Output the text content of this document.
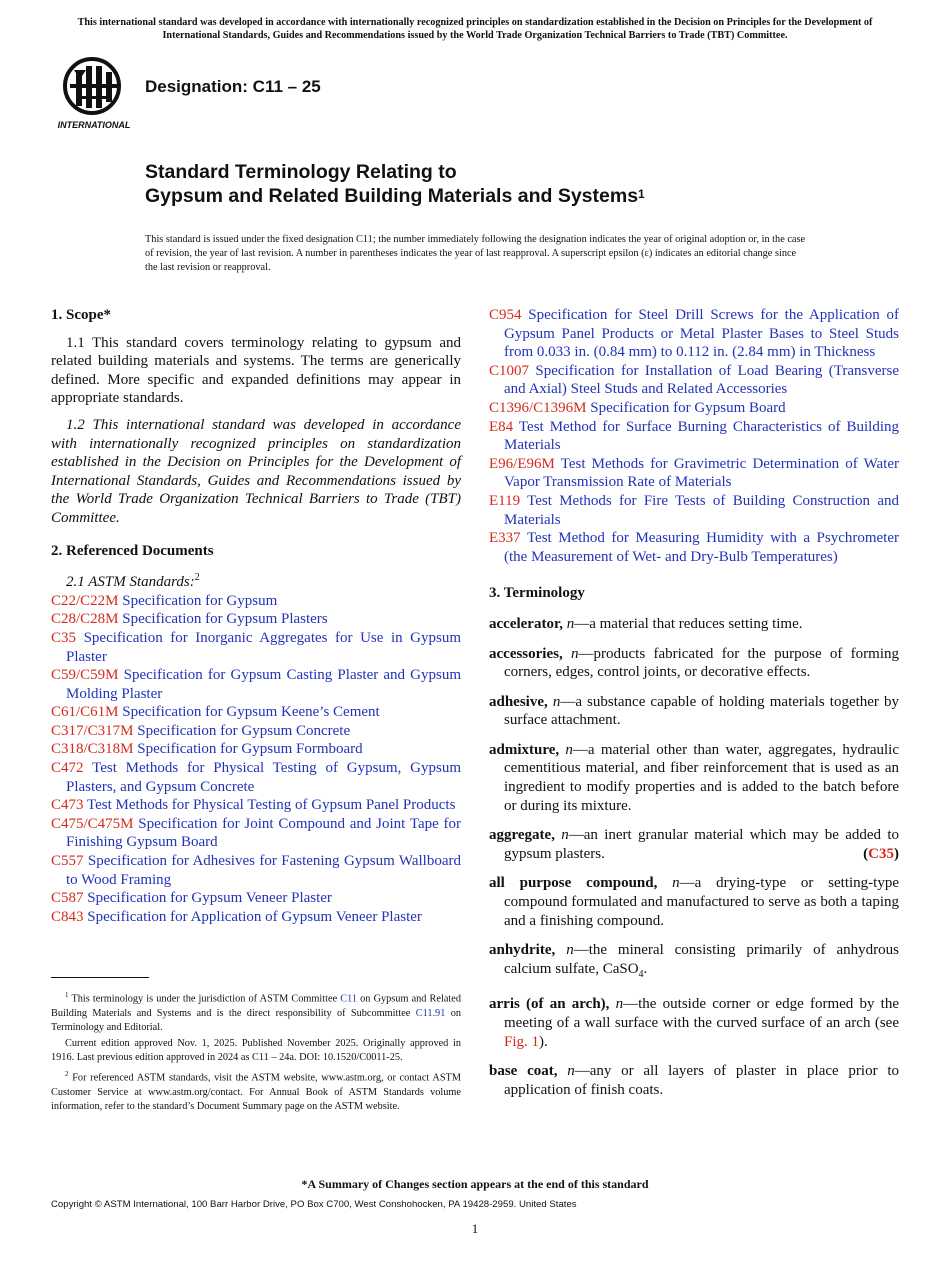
This international standard was developed in accordance with internationally recognized principles on standardization established in the Decision on Principles for the Development of International Standards, Guides and Recommendations issued by the World Trade Organization Technical Barriers to Trade (TBT) Committee.
INTERNATIONAL
Designation: C11 – 25
Standard Terminology Relating to
Gypsum and Related Building Materials and Systems$^1$
This standard is issued under the fixed designation C11; the number immediately following the designation indicates the year of original adoption or, in the case of revision, the year of last revision. A number in parentheses indicates the year of last reapproval. A superscript epsilon (ε) indicates an editorial change since the last revision or reapproval.
1. Scope*

1.1 This standard covers terminology relating to gypsum and related building materials and systems. The terms are generically defined. More specific and expanded definitions may appear in appropriate standards.

1.2 This international standard was developed in accordance with internationally recognized principles on standardization established in the Decision on Principles for the Development of International Standards, Guides and Recommendations issued by the World Trade Organization Technical Barriers to Trade (TBT) Committee.

2. Referenced Documents
2.1 ASTM Standards:$^2$
C22/C22M Specification for Gypsum
C28/C28M Specification for Gypsum Plasters
C35 Specification for Inorganic Aggregates for Use in Gypsum Plaster
C59/C59M Specification for Gypsum Casting Plaster and Gypsum Molding Plaster
C61/C61M Specification for Gypsum Keene’s Cement
C317/C317M Specification for Gypsum Concrete
C318/C318M Specification for Gypsum Formboard
C472 Test Methods for Physical Testing of Gypsum, Gypsum Plasters, and Gypsum Concrete
C473 Test Methods for Physical Testing of Gypsum Panel Products
C475/C475M Specification for Joint Compound and Joint Tape for Finishing Gypsum Board
C557 Specification for Adhesives for Fastening Gypsum Wallboard to Wood Framing
C587 Specification for Gypsum Veneer Plaster
C843 Specification for Application of Gypsum Veneer Plaster
C954 Specification for Steel Drill Screws for the Application of Gypsum Panel Products or Metal Plaster Bases to Steel Studs from 0.033 in. (0.84 mm) to 0.112 in. (2.84 mm) in Thickness
C1007 Specification for Installation of Load Bearing (Transverse and Axial) Steel Studs and Related Accessories
C1396/C1396M Specification for Gypsum Board
E84 Test Method for Surface Burning Characteristics of Building Materials
E96/E96M Test Methods for Gravimetric Determination of Water Vapor Transmission Rate of Materials
E119 Test Methods for Fire Tests of Building Construction and Materials
E337 Test Method for Measuring Humidity with a Psychrometer (the Measurement of Wet- and Dry-Bulb Temperatures)
3. Terminology

accelerator, n—a material that reduces setting time.

accessories, n—products fabricated for the purpose of forming corners, edges, control joints, or decorative effects.

adhesive, n—a substance capable of holding materials together by surface attachment.

admixture, n—a material other than water, aggregates, hydraulic cementitious material, and fiber reinforcement that is used as an ingredient to modify properties and is added to the batch before or during its mixture.

aggregate, n—an inert granular material which may be added to gypsum plasters.	(C35)

all purpose compound, n—a drying-type or setting-type compound formulated and manufactured to serve as both a taping and a finishing compound.

anhydrite, n—the mineral consisting primarily of anhydrous calcium sulfate, CaSO$_4$.

arris (of an arch), n—the outside corner or edge formed by the meeting of a wall surface with the curved surface of an arch (see Fig. 1).

base coat, n—any or all layers of plaster in place prior to application of finish coats.

$^1$ This terminology is under the jurisdiction of ASTM Committee C11 on Gypsum and Related Building Materials and Systems and is the direct responsibility of Subcommittee C11.91 on Terminology and Editorial.

Current edition approved Nov. 1, 2025. Published November 2025. Originally approved in 1916. Last previous edition approved in 2024 as C11 – 24a. DOI: 10.1520/C0011-25.

$^2$ For referenced ASTM standards, visit the ASTM website, www.astm.org, or contact ASTM Customer Service at www.astm.org/contact. For Annual Book of ASTM Standards volume information, refer to the standard’s Document Summary page on the ASTM website.

*A Summary of Changes section appears at the end of this standard
Copyright © ASTM International, 100 Barr Harbor Drive, PO Box C700, West Conshohocken, PA 19428-2959. United States
1
